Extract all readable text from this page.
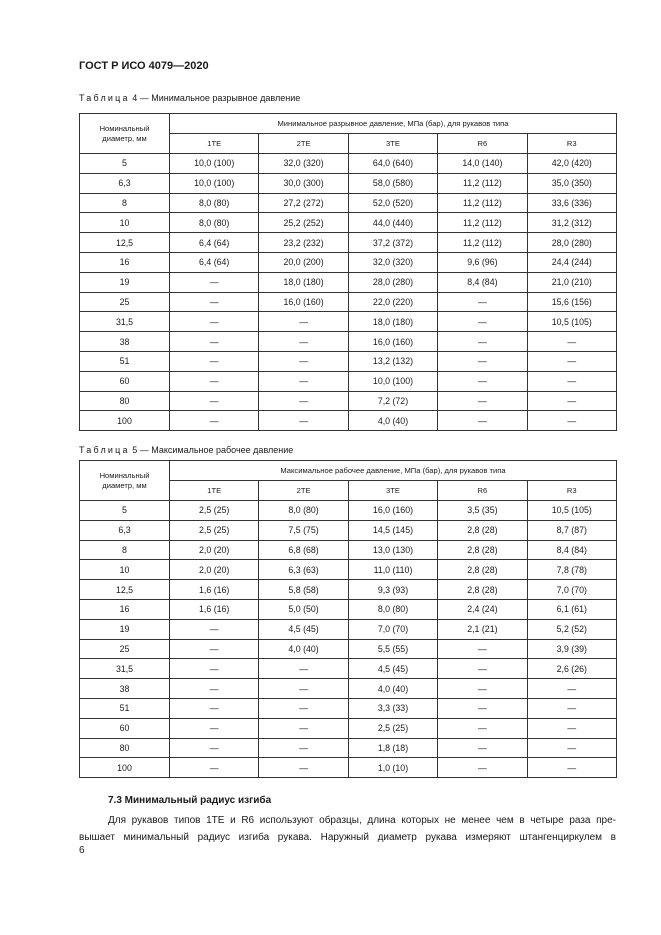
ГОСТ Р ИСО 4079—2020
Таблица 4 — Минимальное разрывное давление
Номинальный диаметр, мм	Минимальное разрывное давление, МПа (бар), для рукавов типа				
	1ТЕ	2ТЕ	3ТЕ	R6	R3
5	10,0 (100)	32,0 (320)	64,0 (640)	14,0 (140)	42,0 (420)
6,3	10,0 (100)	30,0 (300)	58,0 (580)	11,2 (112)	35,0 (350)
8	8,0 (80)	27,2 (272)	52,0 (520)	11,2 (112)	33,6 (336)
10	8,0 (80)	25,2 (252)	44,0 (440)	11,2 (112)	31,2 (312)
12,5	6,4 (64)	23,2 (232)	37,2 (372)	11,2 (112)	28,0 (280)
16	6,4 (64)	20,0 (200)	32,0 (320)	9,6 (96)	24,4 (244)
19	—	18,0 (180)	28,0 (280)	8,4 (84)	21,0 (210)
25	—	16,0 (160)	22,0 (220)	—	15,6 (156)
31,5	—	—	18,0 (180)	—	10,5 (105)
38	—	—	16,0 (160)	—	—
51	—	—	13,2 (132)	—	—
60	—	—	10,0 (100)	—	—
80	—	—	7,2 (72)	—	—
100	—	—	4,0 (40)	—	—
Таблица 5 — Максимальное рабочее давление
Номинальный диаметр, мм	Максимальное рабочее давление, МПа (бар), для рукавов типа				
	1ТЕ	2ТЕ	3ТЕ	R6	R3
5	2,5 (25)	8,0 (80)	16,0 (160)	3,5 (35)	10,5 (105)
6,3	2,5 (25)	7,5 (75)	14,5 (145)	2,8 (28)	8,7 (87)
8	2,0 (20)	6,8 (68)	13,0 (130)	2,8 (28)	8,4 (84)
10	2,0 (20)	6,3 (63)	11,0 (110)	2,8 (28)	7,8 (78)
12,5	1,6 (16)	5,8 (58)	9,3 (93)	2,8 (28)	7,0 (70)
16	1,6 (16)	5,0 (50)	8,0 (80)	2,4 (24)	6,1 (61)
19	—	4,5 (45)	7,0 (70)	2,1 (21)	5,2 (52)
25	—	4,0 (40)	5,5 (55)	—	3,9 (39)
31,5	—	—	4,5 (45)	—	2,6 (26)
38	—	—	4,0 (40)	—	—
51	—	—	3,3 (33)	—	—
60	—	—	2,5 (25)	—	—
80	—	—	1,8 (18)	—	—
100	—	—	1,0 (10)	—	—
7.3 Минимальный радиус изгиба
Для рукавов типов 1ТЕ и R6 используют образцы, длина которых не менее чем в четыре раза пре-
вышает минимальный радиус изгиба рукава. Наружный диаметр рукава измеряют штангенциркулем в
6
